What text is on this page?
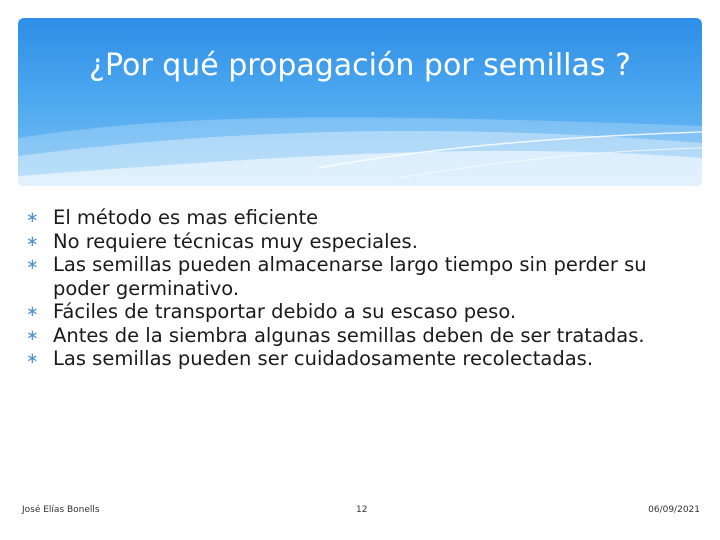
¿Por qué propagación por semillas ?
∗ El método es mas eficiente
∗ No requiere técnicas muy especiales.
∗ Las semillas pueden almacenarse largo tiempo sin perder su poder germinativo.
∗ Fáciles de transportar debido a su escaso peso.
∗ Antes de la siembra algunas semillas deben de ser tratadas.
∗ Las semillas pueden ser cuidadosamente recolectadas.
José Elías Bonells	12	06/09/2021
